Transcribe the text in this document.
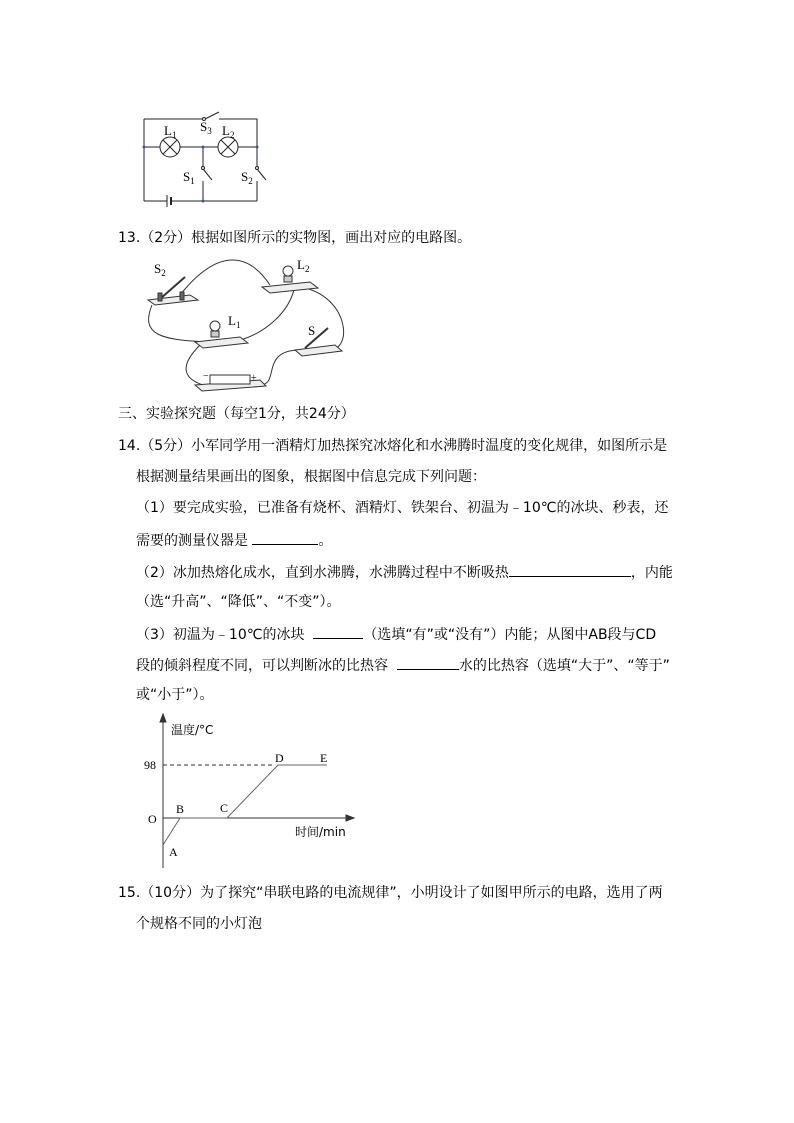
$L_1$
$S_3$ $L_2$
$S_1$	$S_2$
13.（2分）根据如图所示的实物图，画出对应的电路图。
$S_2$
$L_2$
$L_1$	S
−	+
三、实验探究题（每空1分，共24分）
14.（5分）小军同学用一酒精灯加热探究冰熔化和水沸腾时温度的变化规律，如图所示是
根据测量结果画出的图象，根据图中信息完成下列问题：
（1）要完成实验，已准备有烧杯、酒精灯、铁架台、初温为﹣10℃的冰块、秒表，还
需要的测量仪器是	。
（2）冰加热熔化成水，直到水沸腾，水沸腾过程中不断吸热	，内能
（选“升高”、“降低”、“不变”）。
（3）初温为﹣10℃的冰块	（选填“有”或“没有”）内能；从图中AB段与CD
段的倾斜程度不同，可以判断冰的比热容	水的比热容（选填“大于”、“等于”
或“小于”）。
温度/°C
98
O
时间/min
A
B	C
D	E
15.（10分）为了探究“串联电路的电流规律”，小明设计了如图甲所示的电路，选用了两
个规格不同的小灯泡
